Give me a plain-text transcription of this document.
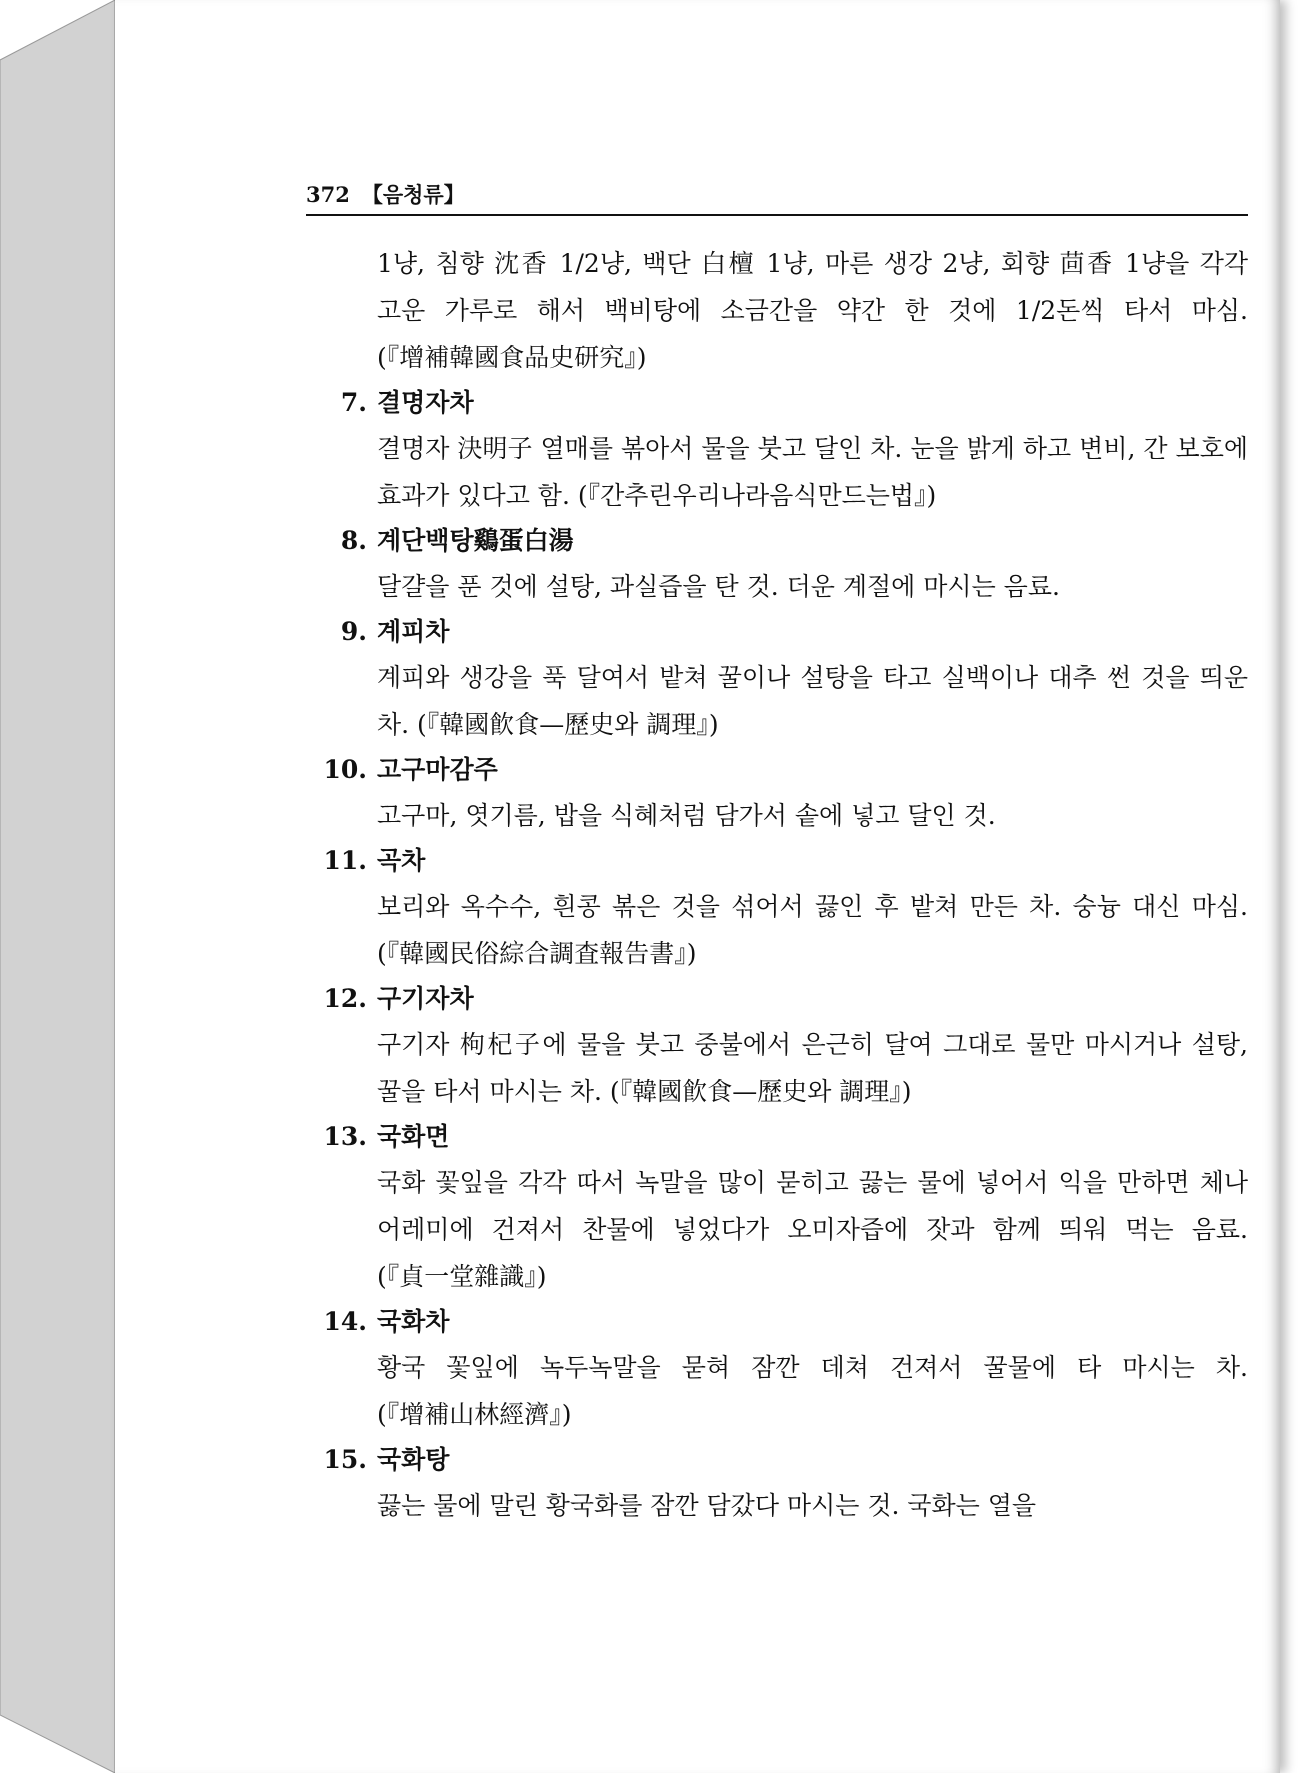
372 【음청류】
1냥, 침향 沈香 1/2냥, 백단 白檀 1냥, 마른 생강 2냥, 회향 茴香 1냥을 각각 고운 가루로 해서 백비탕에 소금간을 약간 한 것에 1/2돈씩 타서 마심. (『增補韓國食品史研究』)
7. 결명자차
결명자 決明子 열매를 볶아서 물을 붓고 달인 차. 눈을 밝게 하고 변비, 간 보호에 효과가 있다고 함. (『간추린우리나라음식만드는법』)
8. 계단백탕鷄蛋白湯
달걀을 푼 것에 설탕, 과실즙을 탄 것. 더운 계절에 마시는 음료.
9. 계피차
계피와 생강을 푹 달여서 밭쳐 꿀이나 설탕을 타고 실백이나 대추 썬 것을 띄운 차. (『韓國飮食—歷史와 調理』)
10. 고구마감주
고구마, 엿기름, 밥을 식혜처럼 담가서 솥에 넣고 달인 것.
11. 곡차
보리와 옥수수, 흰콩 볶은 것을 섞어서 끓인 후 밭쳐 만든 차. 숭늉 대신 마심. (『韓國民俗綜合調査報告書』)
12. 구기자차
구기자 枸杞子에 물을 붓고 중불에서 은근히 달여 그대로 물만 마시거나 설탕, 꿀을 타서 마시는 차. (『韓國飮食—歷史와 調理』)
13. 국화면
국화 꽃잎을 각각 따서 녹말을 많이 묻히고 끓는 물에 넣어서 익을 만하면 체나 어레미에 건져서 찬물에 넣었다가 오미자즙에 잣과 함께 띄워 먹는 음료. (『貞一堂雜識』)
14. 국화차
황국 꽃잎에 녹두녹말을 묻혀 잠깐 데쳐 건져서 꿀물에 타 마시는 차. (『增補山林經濟』)
15. 국화탕
끓는 물에 말린 황국화를 잠깐 담갔다 마시는 것. 국화는 열을
